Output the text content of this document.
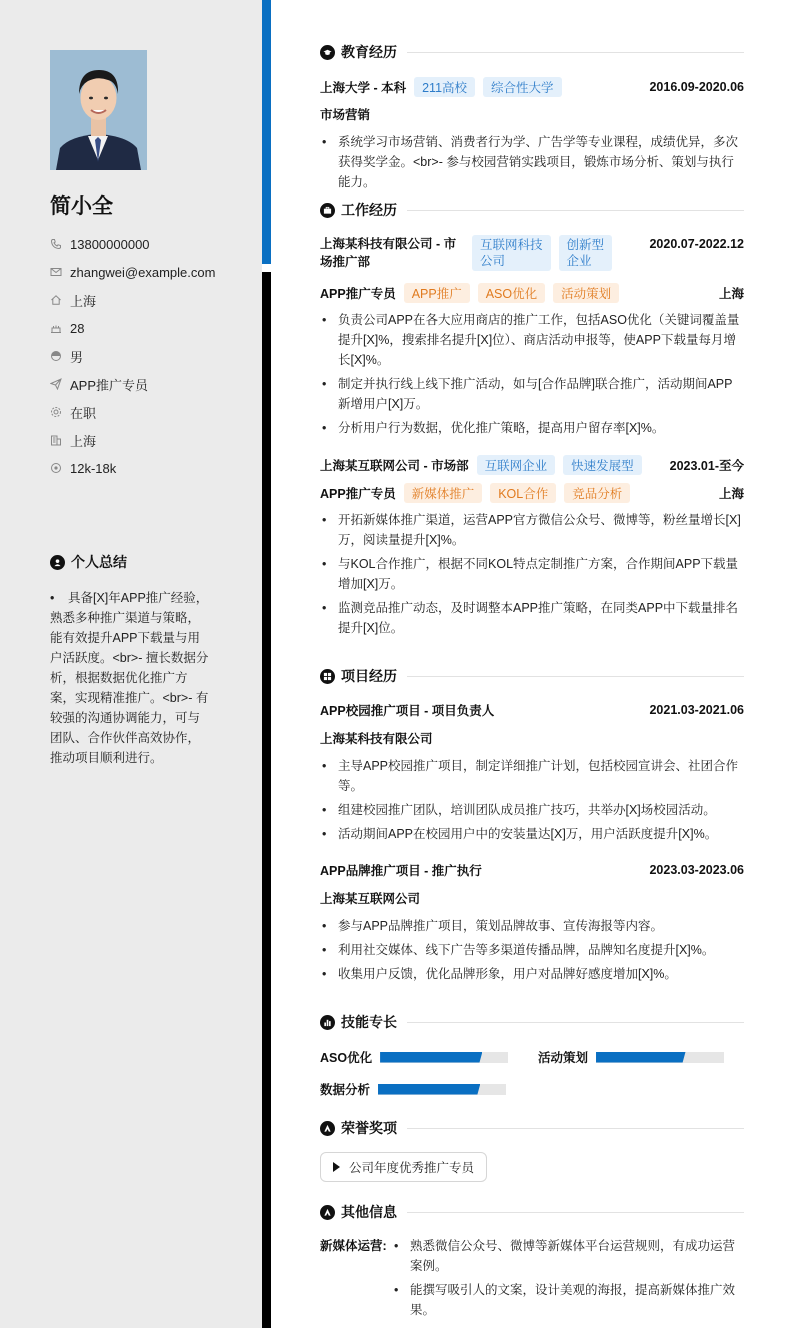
简小全
13800000000
zhangwei@example.com
上海
28
男
APP推广专员
在职
上海
12k-18k
个人总结
• 具备[X]年APP推广经验，熟悉多种推广渠道与策略，能有效提升APP下载量与用户活跃度。<br>- 擅长数据分析，根据数据优化推广方案，实现精准推广。<br>- 有较强的沟通协调能力，可与团队、合作伙伴高效协作，推动项目顺利进行。
教育经历
上海大学 - 本科	211高校	综合性大学	2016.09-2020.06
市场营销
• 系统学习市场营销、消费者行为学、广告学等专业课程，成绩优异，多次获得奖学金。<br>- 参与校园营销实践项目，锻炼市场分析、策划与执行能力。
工作经历
上海某科技有限公司 - 市
场推广部
互联网科技
公司
创新型
企业
2020.07-2022.12
APP推广专员	APP推广	ASO优化	活动策划	上海
• 负责公司APP在各大应用商店的推广工作，包括ASO优化（关键词覆盖量提升[X]%，搜索排名提升[X]位）、商店活动申报等，使APP下载量每月增长[X]%。
• 制定并执行线上线下推广活动，如与[合作品牌]联合推广，活动期间APP新增用户[X]万。
• 分析用户行为数据，优化推广策略，提高用户留存率[X]%。
上海某互联网公司 - 市场部	互联网企业	快速发展型	2023.01-至今
APP推广专员	新媒体推广	KOL合作	竞品分析	上海
• 开拓新媒体推广渠道，运营APP官方微信公众号、微博等，粉丝量增长[X]万，阅读量提升[X]%。
• 与KOL合作推广，根据不同KOL特点定制推广方案，合作期间APP下载量增加[X]万。
• 监测竞品推广动态，及时调整本APP推广策略，在同类APP中下载量排名提升[X]位。
项目经历
APP校园推广项目 - 项目负责人	2021.03-2021.06
上海某科技有限公司
• 主导APP校园推广项目，制定详细推广计划，包括校园宣讲会、社团合作等。
• 组建校园推广团队，培训团队成员推广技巧，共举办[X]场校园活动。
• 活动期间APP在校园用户中的安装量达[X]万，用户活跃度提升[X]%。
APP品牌推广项目 - 推广执行	2023.03-2023.06
上海某互联网公司
• 参与APP品牌推广项目，策划品牌故事、宣传海报等内容。
• 利用社交媒体、线下广告等多渠道传播品牌，品牌知名度提升[X]%。
• 收集用户反馈，优化品牌形象，用户对品牌好感度增加[X]%。
技能专长
ASO优化	活动策划
数据分析
荣誉奖项
公司年度优秀推广专员
其他信息
新媒体运营:
•	熟悉微信公众号、微博等新媒体平台运营规则，有成功运营案例。
• 能撰写吸引人的文案，设计美观的海报，提高新媒体推广效果。
